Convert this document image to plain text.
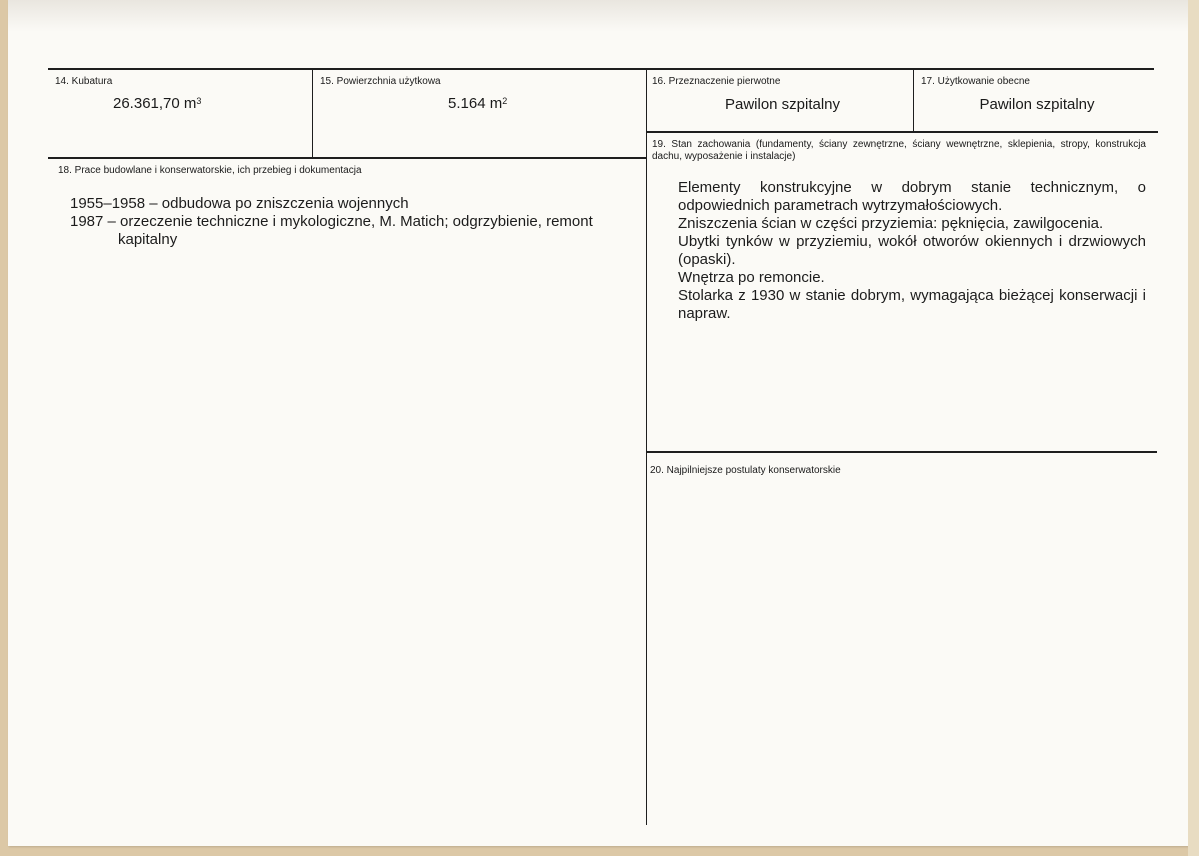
14. Kubatura
26.361,70 $m^3$
15. Powierzchnia użytkowa
5.164 $m^2$
16. Przeznaczenie pierwotne
Pawilon szpitalny
17. Użytkowanie obecne
Pawilon szpitalny
18. Prace budowlane i konserwatorskie, ich przebieg i dokumentacja
1955–1958 – odbudowa po zniszczenia wojennych
1987 – orzeczenie techniczne i mykologiczne, M. Matich; odgrzybienie, remont kapitalny
19. Stan zachowania (fundamenty, ściany zewnętrzne, ściany wewnętrzne, sklepienia, stropy, konstrukcja dachu, wyposażenie i instalacje)

Elementy konstrukcyjne w dobrym stanie technicznym, o odpowiednich parametrach wytrzymałościowych.

Zniszczenia ścian w części przyziemia: pęknięcia, zawilgocenia.

Ubytki tynków w przyziemiu, wokół otworów okiennych i drzwiowych (opaski).

Wnętrza po remoncie.

Stolarka z 1930 w stanie dobrym, wymagająca bieżącej konserwacji i napraw.

20. Najpilniejsze postulaty konserwatorskie
